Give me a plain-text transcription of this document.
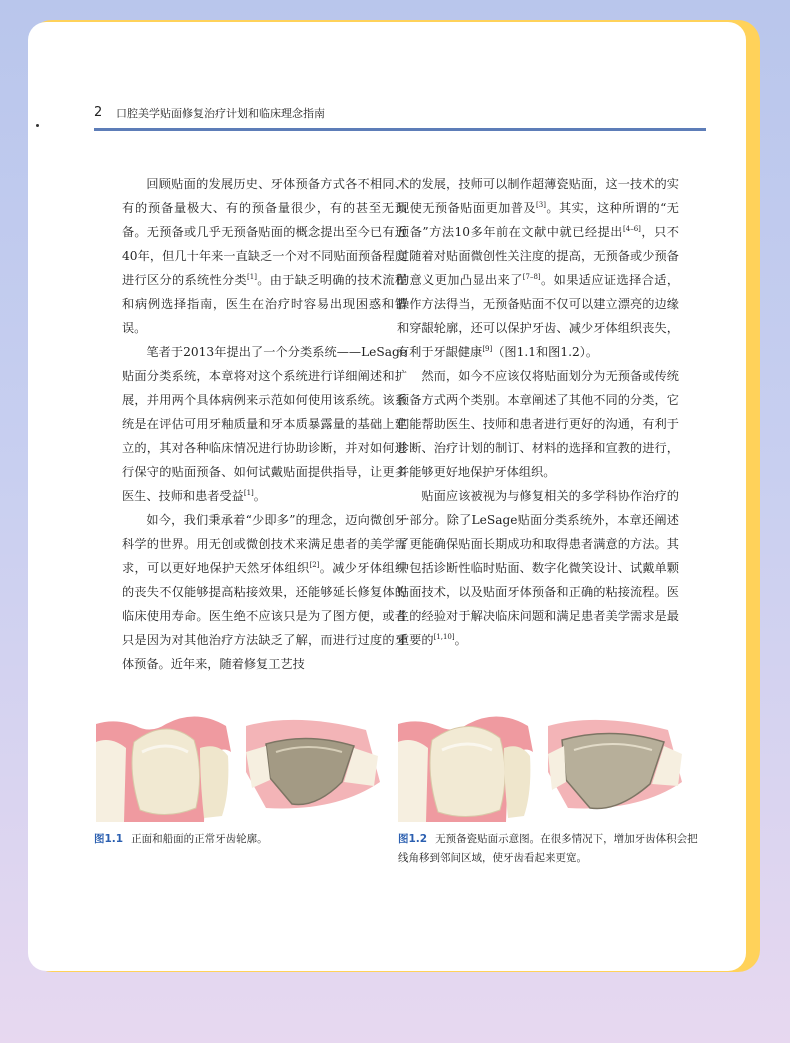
2 口腔美学贴面修复治疗计划和临床理念指南

回顾贴面的发展历史、牙体预备方式各不相同、有的预备量极大、有的预备量很少，有的甚至无预备。无预备或几乎无预备贴面的概念提出至今已有近40年，但几十年来一直缺乏一个对不同贴面预备程度进行区分的系统性分类[1]。由于缺乏明确的技术流程和病例选择指南，医生在治疗时容易出现困惑和错误。

笔者于2013年提出了一个分类系统——LeSage贴面分类系统，本章将对这个系统进行详细阐述和扩展，并用两个具体病例来示范如何使用该系统。该系统是在评估可用牙釉质量和牙本质暴露量的基础上建立的，其对各种临床情况进行协助诊断，并对如何进行保守的贴面预备、如何试戴贴面提供指导，让更多医生、技师和患者受益[1]。

如今，我们秉承着“少即多”的理念，迈向微创牙科学的世界。用无创或微创技术来满足患者的美学需求，可以更好地保护天然牙体组织[2]。减少牙体组织的丧失不仅能够提高粘接效果，还能够延长修复体的临床使用寿命。医生绝不应该只是为了图方便，或者只是因为对其他治疗方法缺乏了解，而进行过度的牙体预备。近年来，随着修复工艺技

术的发展，技师可以制作超薄瓷贴面，这一技术的实现使无预备贴面更加普及[3]。其实，这种所谓的“无预备”方法10多年前在文献中就已经提出[4–6]，只不过随着对贴面微创性关注度的提高，无预备或少预备的意义更加凸显出来了[7–8]。如果适应证选择合适，操作方法得当，无预备贴面不仅可以建立漂亮的边缘和穿龈轮廓，还可以保护牙齿、减少牙体组织丧失，有利于牙龈健康[9]（图1.1和图1.2）。

然而，如今不应该仅将贴面划分为无预备或传统预备方式两个类别。本章阐述了其他不同的分类，它们能帮助医生、技师和患者进行更好的沟通，有利于诊断、治疗计划的制订、材料的选择和宣教的进行，并能够更好地保护牙体组织。

贴面应该被视为与修复相关的多学科协作治疗的一部分。除了LeSage贴面分类系统外，本章还阐述了更能确保贴面长期成功和取得患者满意的方法。其中包括诊断性临时贴面、数字化微笑设计、试戴单颗贴面技术，以及贴面牙体预备和正确的粘接流程。医生的经验对于解决临床问题和满足患者美学需求是最重要的[1,10]。

图1.1 正面和船面的正常牙齿轮廓。	图1.2 无预备瓷贴面示意图。在很多情况下，增加牙齿体积会把线角移到邻间区域，使牙齿看起来更宽。
